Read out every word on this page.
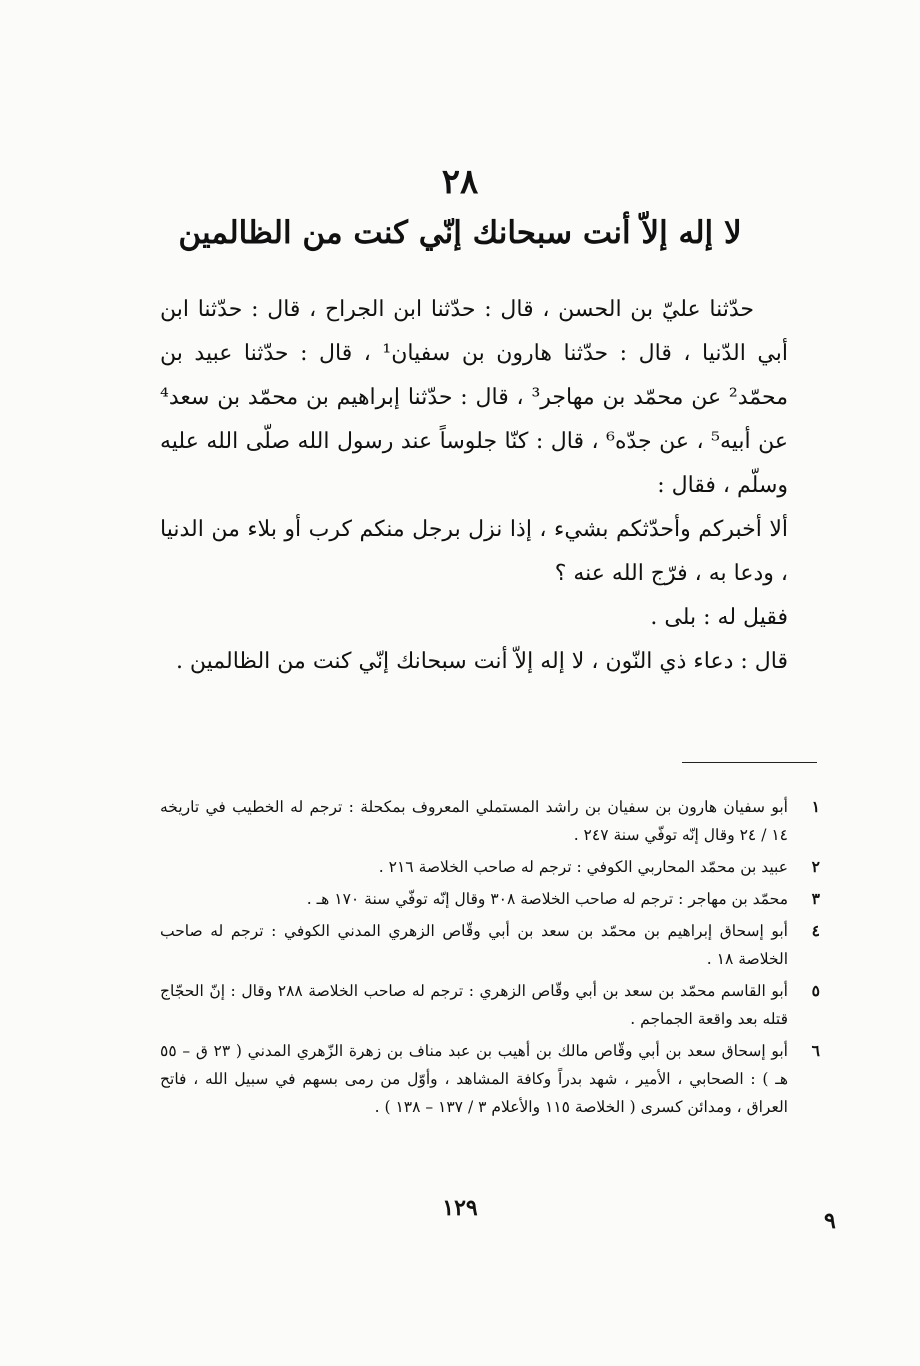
٢٨
لا إله إلاّ أنت سبحانك إنّي كنت من الظالمين

حدّثنا عليّ بن الحسن ، قال : حدّثنا ابن الجراح ، قال : حدّثنا ابن أبي الدّنيا ، قال : حدّثنا هارون بن سفيان¹ ، قال : حدّثنا عبيد بن محمّد² عن محمّد بن مهاجر³ ، قال : حدّثنا إبراهيم بن محمّد بن سعد⁴ عن أبيه⁵ ، عن جدّه⁶ ، قال : كنّا جلوساً عند رسول الله صلّى الله عليه وسلّم ، فقال :

ألا أخبركم وأحدّثكم بشيء ، إذا نزل برجل منكم كرب أو بلاء من الدنيا ، ودعا به ، فرّج الله عنه ؟

فقيل له : بلى .

قال : دعاء ذي النّون ، لا إله إلاّ أنت سبحانك إنّي كنت من الظالمين .

١
أبو سفيان هارون بن سفيان بن راشد المستملي المعروف بمكحلة : ترجم له الخطيب في تاريخه ١٤ / ٢٤ وقال إنّه توفّي سنة ٢٤٧ .
٢
عبيد بن محمّد المحاربي الكوفي : ترجم له صاحب الخلاصة ٢١٦ .
٣
محمّد بن مهاجر : ترجم له صاحب الخلاصة ٣٠٨ وقال إنّه توفّي سنة ١٧٠ هـ .
٤
أبو إسحاق إبراهيم بن محمّد بن سعد بن أبي وقّاص الزهري المدني الكوفي : ترجم له صاحب الخلاصة ١٨ .
٥
أبو القاسم محمّد بن سعد بن أبي وقّاص الزهري : ترجم له صاحب الخلاصة ٢٨٨ وقال : إنّ الحجّاج قتله بعد واقعة الجماجم .
٦
أبو إسحاق سعد بن أبي وقّاص مالك بن أهيب بن عبد مناف بن زهرة الزّهري المدني ( ٢٣ ق – ٥٥ هـ ) : الصحابي ، الأمير ، شهد بدراً وكافة المشاهد ، وأوّل من رمى بسهم في سبيل الله ، فاتح العراق ، ومدائن كسرى ( الخلاصة ١١٥ والأعلام ٣ / ١٣٧ – ١٣٨ ) .
١٢٩	٩
